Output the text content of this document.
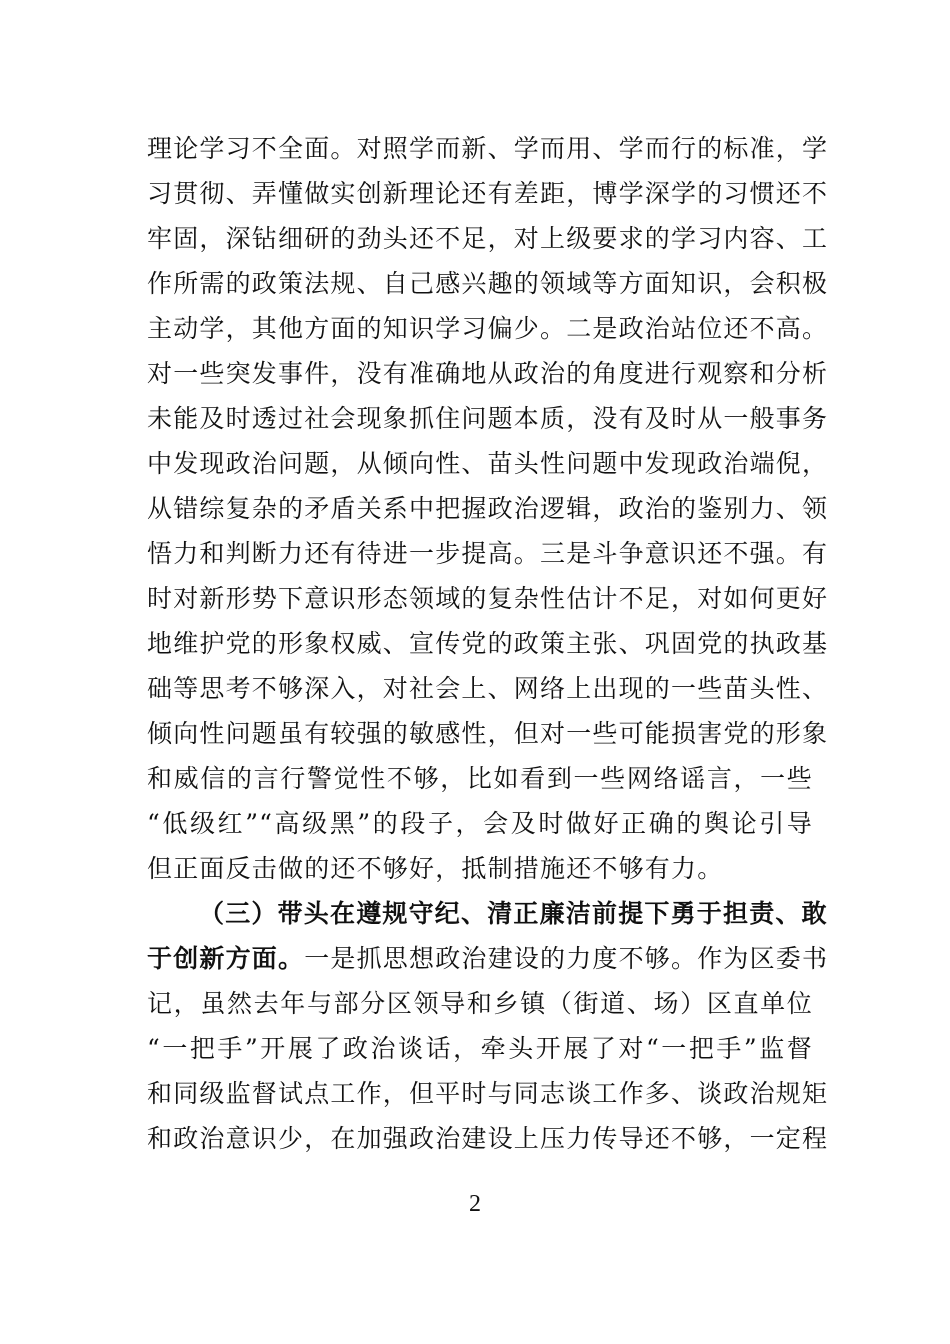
理论学习不全面。对照学而新、学而用、学而行的标准，学
习贯彻、弄懂做实创新理论还有差距，博学深学的习惯还不
牢固，深钻细研的劲头还不足，对上级要求的学习内容、工
作所需的政策法规、自己感兴趣的领域等方面知识，会积极
主动学，其他方面的知识学习偏少。二是政治站位还不高。
对一些突发事件，没有准确地从政治的角度进行观察和分析
未能及时透过社会现象抓住问题本质，没有及时从一般事务
中发现政治问题，从倾向性、苗头性问题中发现政治端倪，
从错综复杂的矛盾关系中把握政治逻辑，政治的鉴别力、领
悟力和判断力还有待进一步提高。三是斗争意识还不强。有
时对新形势下意识形态领域的复杂性估计不足，对如何更好
地维护党的形象权威、宣传党的政策主张、巩固党的执政基
础等思考不够深入，对社会上、网络上出现的一些苗头性、
倾向性问题虽有较强的敏感性，但对一些可能损害党的形象
和威信的言行警觉性不够，比如看到一些网络谣言，一些
“低级红”“高级黑”的段子，会及时做好正确的舆论引导
但正面反击做的还不够好，抵制措施还不够有力。
（三）带头在遵规守纪、清正廉洁前提下勇于担责、敢
于创新方面。一是抓思想政治建设的力度不够。作为区委书
记，虽然去年与部分区领导和乡镇（街道、场）区直单位
“一把手”开展了政治谈话，牵头开展了对“一把手”监督
和同级监督试点工作，但平时与同志谈工作多、谈政治规矩
和政治意识少，在加强政治建设上压力传导还不够，一定程
2
